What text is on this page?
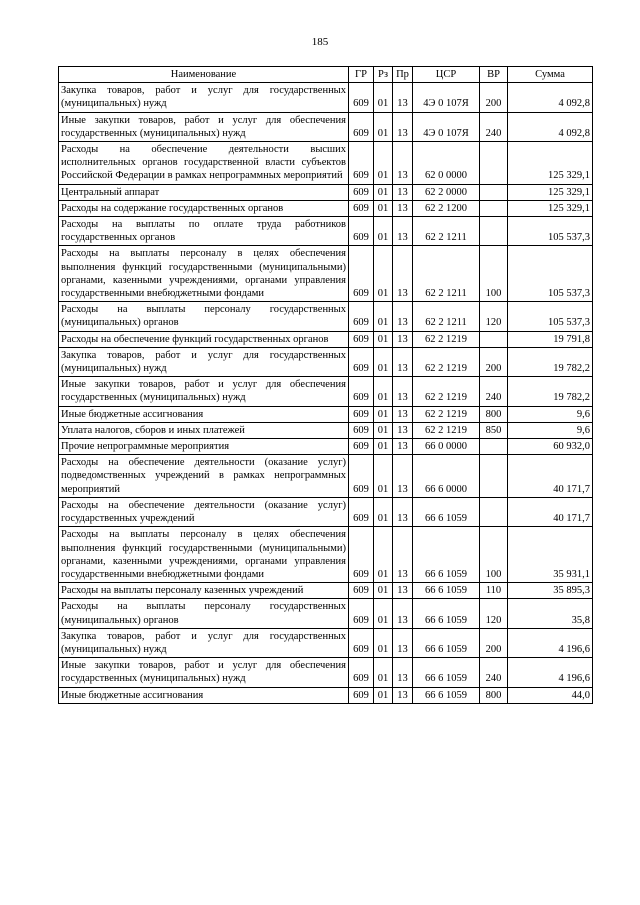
185
Наименование	ГР	Рз	Пр	ЦСР	ВР	Сумма
Закупка товаров, работ и услуг для государственных (муниципальных) нужд	609	01	13	4Э 0 107Я	200	4 092,8
Иные закупки товаров, работ и услуг для обеспечения государственных (муниципальных) нужд	609	01	13	4Э 0 107Я	240	4 092,8
Расходы на обеспечение деятельности высших исполнительных органов государственной власти субъектов Российской Федерации в рамках непрограммных мероприятий	609	01	13	62 0 0000		125 329,1
Центральный аппарат	609	01	13	62 2 0000		125 329,1
Расходы на содержание государственных органов	609	01	13	62 2 1200		125 329,1
Расходы на выплаты по оплате труда работников государственных органов	609	01	13	62 2 1211		105 537,3
Расходы на выплаты персоналу в целях обеспечения выполнения функций государственными (муниципальными) органами, казенными учреждениями, органами управления государственными внебюджетными фондами	609	01	13	62 2 1211	100	105 537,3
Расходы на выплаты персоналу государственных (муниципальных) органов	609	01	13	62 2 1211	120	105 537,3
Расходы на обеспечение функций государственных органов	609	01	13	62 2 1219		19 791,8
Закупка товаров, работ и услуг для государственных (муниципальных) нужд	609	01	13	62 2 1219	200	19 782,2
Иные закупки товаров, работ и услуг для обеспечения государственных (муниципальных) нужд	609	01	13	62 2 1219	240	19 782,2
Иные бюджетные ассигнования	609	01	13	62 2 1219	800	9,6
Уплата налогов, сборов и иных платежей	609	01	13	62 2 1219	850	9,6
Прочие непрограммные мероприятия	609	01	13	66 0 0000		60 932,0
Расходы на обеспечение деятельности (оказание услуг) подведомственных учреждений в рамках непрограммных мероприятий	609	01	13	66 6 0000		40 171,7
Расходы на обеспечение деятельности (оказание услуг) государственных учреждений	609	01	13	66 6 1059		40 171,7
Расходы на выплаты персоналу в целях обеспечения выполнения функций государственными (муниципальными) органами, казенными учреждениями, органами управления государственными внебюджетными фондами	609	01	13	66 6 1059	100	35 931,1
Расходы на выплаты персоналу казенных учреждений	609	01	13	66 6 1059	110	35 895,3
Расходы на выплаты персоналу государственных (муниципальных) органов	609	01	13	66 6 1059	120	35,8
Закупка товаров, работ и услуг для государственных (муниципальных) нужд	609	01	13	66 6 1059	200	4 196,6
Иные закупки товаров, работ и услуг для обеспечения государственных (муниципальных) нужд	609	01	13	66 6 1059	240	4 196,6
Иные бюджетные ассигнования	609	01	13	66 6 1059	800	44,0
